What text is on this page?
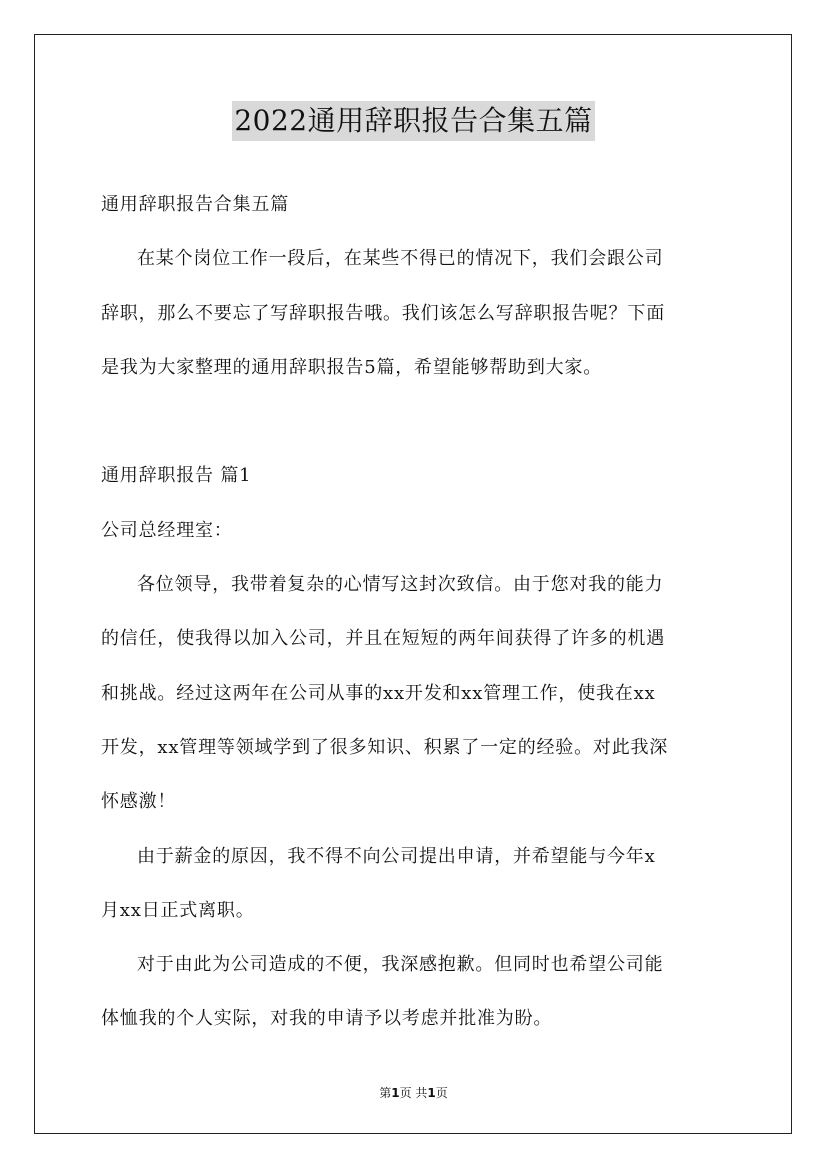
2022通用辞职报告合集五篇

通用辞职报告合集五篇

在某个岗位工作一段后，在某些不得已的情况下，我们会跟公司

辞职，那么不要忘了写辞职报告哦。我们该怎么写辞职报告呢？下面

是我为大家整理的通用辞职报告5篇，希望能够帮助到大家。

通用辞职报告 篇1

公司总经理室：

各位领导，我带着复杂的心情写这封次致信。由于您对我的能力

的信任，使我得以加入公司，并且在短短的两年间获得了许多的机遇

和挑战。经过这两年在公司从事的xx开发和xx管理工作，使我在xx

开发，xx管理等领域学到了很多知识、积累了一定的经验。对此我深

怀感激！

由于薪金的原因，我不得不向公司提出申请，并希望能与今年x

月xx日正式离职。

对于由此为公司造成的不便，我深感抱歉。但同时也希望公司能

体恤我的个人实际，对我的申请予以考虑并批准为盼。

第1页 共1页
